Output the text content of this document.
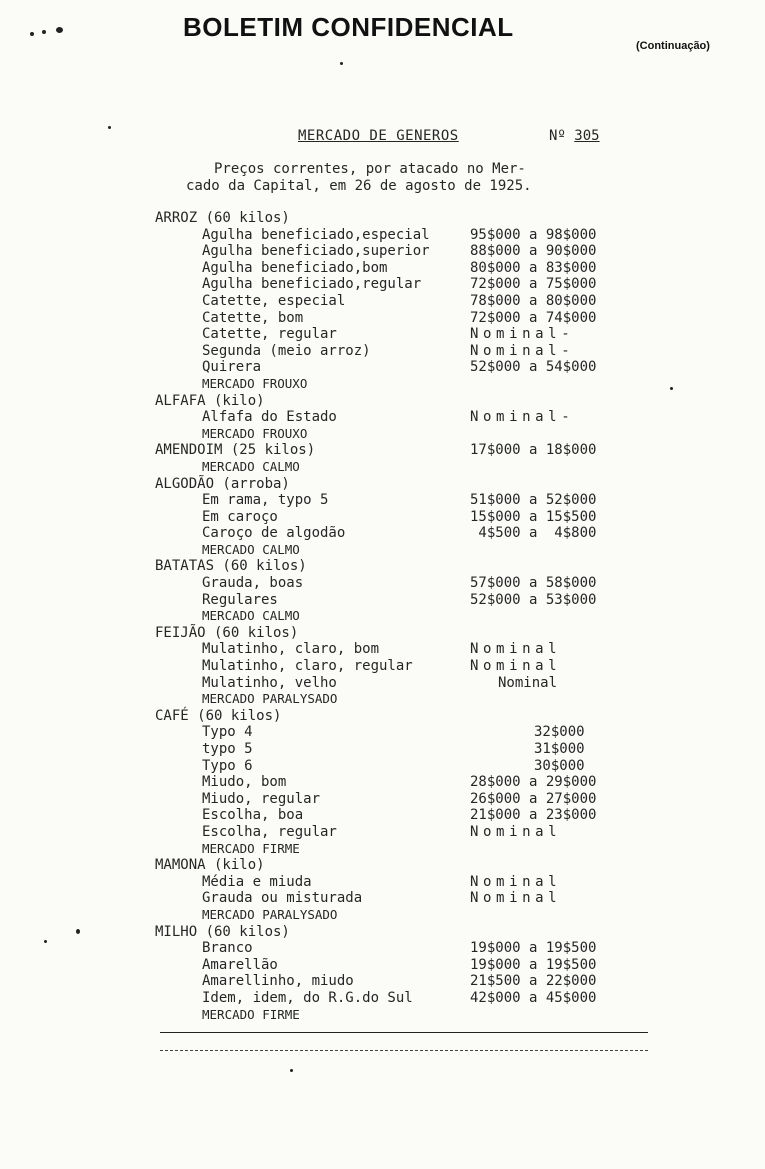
BOLETIM CONFIDENCIAL
(Continuação)
MERCADO DE GENEROS	Nº 305
Preços correntes, por atacado no Mer-
cado da Capital, em 26 de agosto de 1925.
ARROZ (60 kilos)
Agulha beneficiado,especial	95$000 a 98$000
Agulha beneficiado,superior	88$000 a 90$000
Agulha beneficiado,bom	80$000 a 83$000
Agulha beneficiado,regular	72$000 a 75$000
Catette, especial	78$000 a 80$000
Catette, bom	72$000 a 74$000
Catette, regular	Nominal-
Segunda (meio arroz)	Nominal-
Quirera	52$000 a 54$000
MERCADO FROUXO
ALFAFA (kilo)
Alfafa do Estado	Nominal-
MERCADO FROUXO
AMENDOIM (25 kilos)	17$000 a 18$000
MERCADO CALMO
ALGODÃO (arroba)
Em rama, typo 5	51$000 a 52$000
Em caroço	15$000 a 15$500
Caroço de algodão	4$500 a  4$800
MERCADO CALMO
BATATAS (60 kilos)
Grauda, boas	57$000 a 58$000
Regulares	52$000 a 53$000
MERCADO CALMO
FEIJÃO (60 kilos)
Mulatinho, claro, bom	Nominal
Mulatinho, claro, regular	Nominal
Mulatinho, velho	Nominal
MERCADO PARALYSADO
CAFÉ (60 kilos)
Typo 4	32$000
typo 5	31$000
Typo 6	30$000
Miudo, bom	28$000 a 29$000
Miudo, regular	26$000 a 27$000
Escolha, boa	21$000 a 23$000
Escolha, regular	Nominal
MERCADO FIRME
MAMONA (kilo)
Média e miuda	Nominal
Grauda ou misturada	Nominal
MERCADO PARALYSADO
MILHO (60 kilos)
Branco	19$000 a 19$500
Amarellão	19$000 a 19$500
Amarellinho, miudo	21$500 a 22$000
Idem, idem, do R.G.do Sul	42$000 a 45$000
MERCADO FIRME
